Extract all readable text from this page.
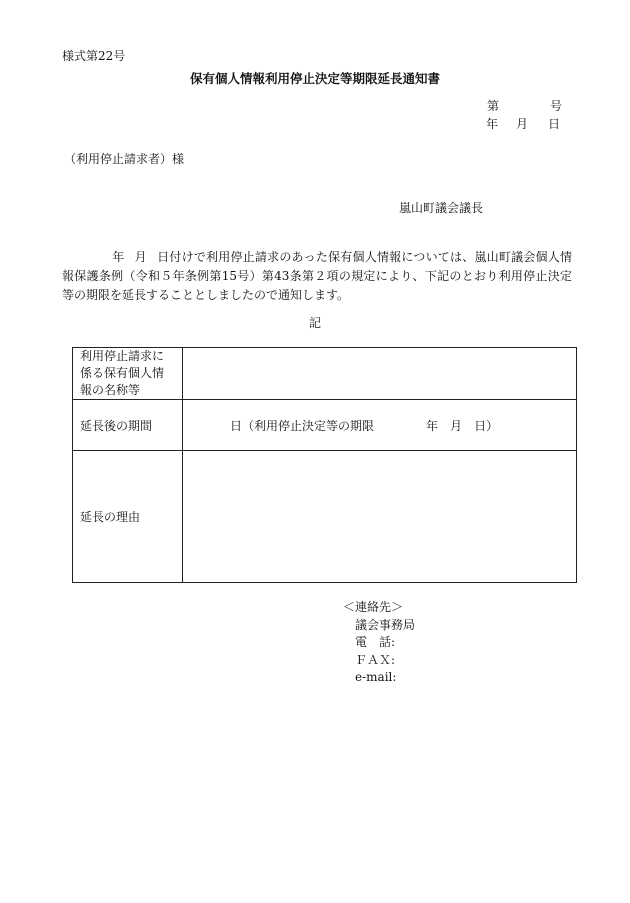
様式第22号
保有個人情報利用停止決定等期限延長通知書
第	号
年 月 日
（利用停止請求者）様
嵐山町議会議長
年 月 日付けで利用停止請求のあった保有個人情報については、嵐山町議会個人情報保護条例（令和５年条例第15号）第43条第２項の規定により、下記のとおり利用停止決定等の期限を延長することとしましたので通知します。
記
利用停止請求に係る保有個人情報の名称等	
延長後の期間	日（利用停止決定等の期限 年 月 日）
延長の理由	
＜連絡先＞
議会事務局
電　話:
ＦＡＸ:
e-mail:
